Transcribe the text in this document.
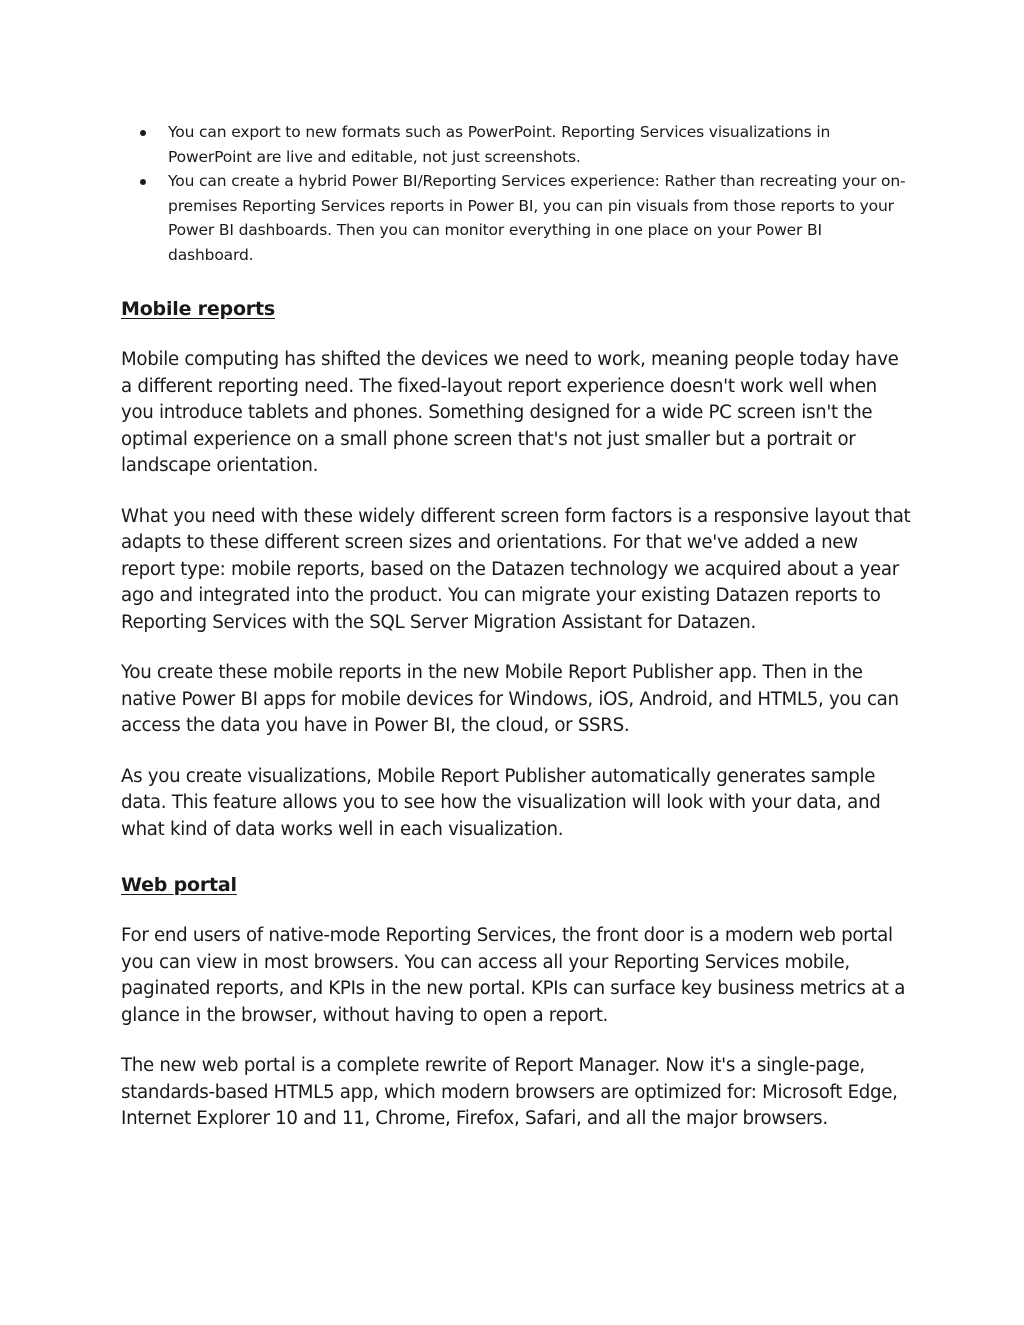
You can export to new formats such as PowerPoint. Reporting Services visualizations in PowerPoint are live and editable, not just screenshots.
You can create a hybrid Power BI/Reporting Services experience: Rather than recreating your on-premises Reporting Services reports in Power BI, you can pin visuals from those reports to your Power BI dashboards. Then you can monitor everything in one place on your Power BI dashboard.
Mobile reports

Mobile computing has shifted the devices we need to work, meaning people today have a different reporting need. The fixed-layout report experience doesn't work well when you introduce tablets and phones. Something designed for a wide PC screen isn't the optimal experience on a small phone screen that's not just smaller but a portrait or landscape orientation.

What you need with these widely different screen form factors is a responsive layout that adapts to these different screen sizes and orientations. For that we've added a new report type: mobile reports, based on the Datazen technology we acquired about a year ago and integrated into the product. You can migrate your existing Datazen reports to Reporting Services with the SQL Server Migration Assistant for Datazen.

You create these mobile reports in the new Mobile Report Publisher app. Then in the native Power BI apps for mobile devices for Windows, iOS, Android, and HTML5, you can access the data you have in Power BI, the cloud, or SSRS.

As you create visualizations, Mobile Report Publisher automatically generates sample data. This feature allows you to see how the visualization will look with your data, and what kind of data works well in each visualization.

Web portal

For end users of native-mode Reporting Services, the front door is a modern web portal you can view in most browsers. You can access all your Reporting Services mobile, paginated reports, and KPIs in the new portal. KPIs can surface key business metrics at a glance in the browser, without having to open a report.

The new web portal is a complete rewrite of Report Manager. Now it's a single-page, standards-based HTML5 app, which modern browsers are optimized for: Microsoft Edge, Internet Explorer 10 and 11, Chrome, Firefox, Safari, and all the major browsers.
